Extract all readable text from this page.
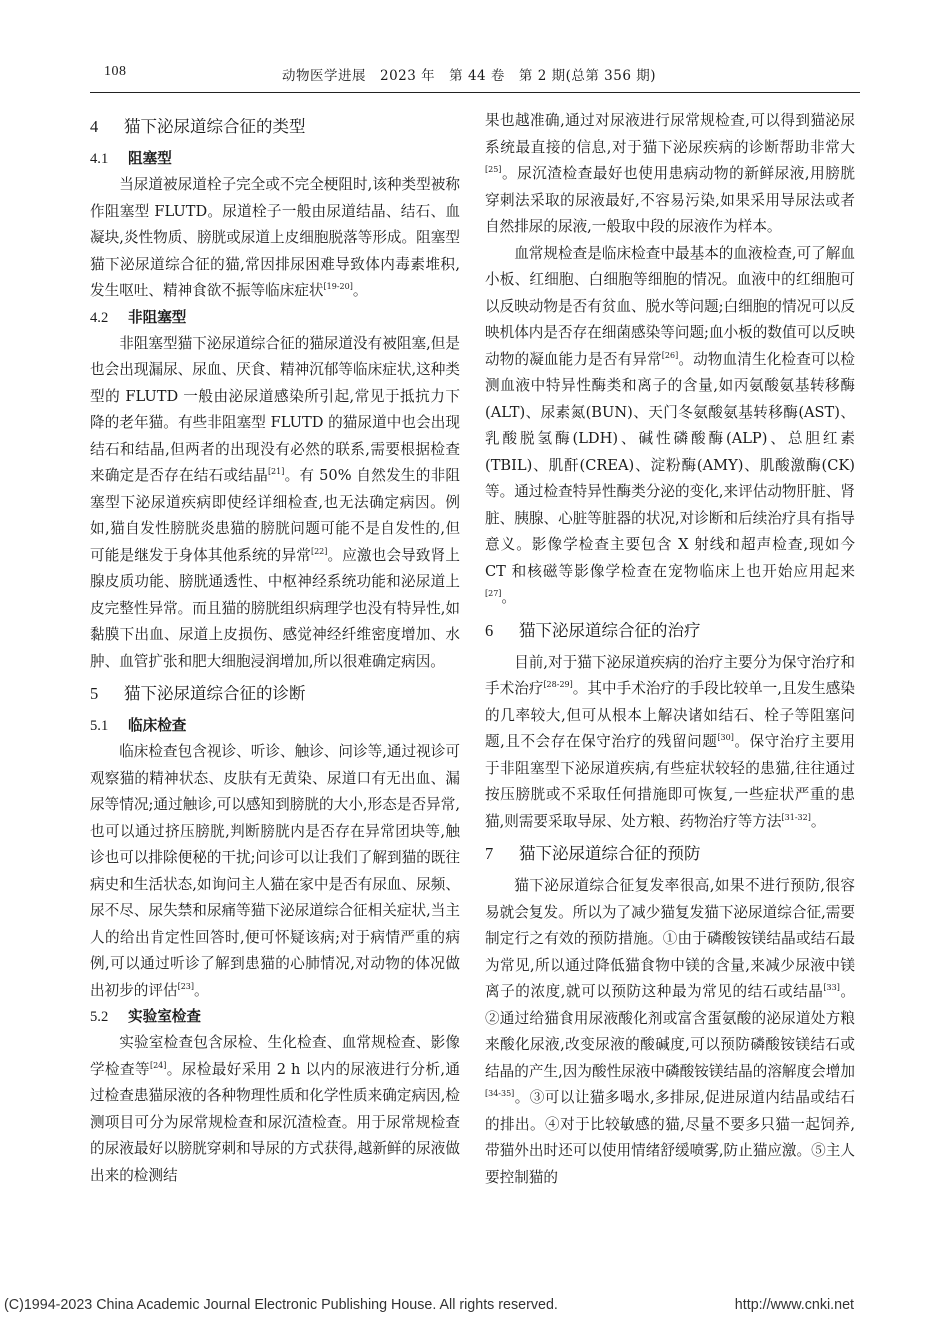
108	动物医学进展　2023 年　第 44 卷　第 2 期(总第 356 期)
4 猫下泌尿道综合征的类型
4.1 阻塞型

当尿道被尿道栓子完全或不完全梗阻时,该种类型被称作阻塞型 FLUTD。尿道栓子一般由尿道结晶、结石、血凝块,炎性物质、膀胱或尿道上皮细胞脱落等形成。阻塞型猫下泌尿道综合征的猫,常因排尿困难导致体内毒素堆积,发生呕吐、精神食欲不振等临床症状[19-20]。

4.2 非阻塞型

非阻塞型猫下泌尿道综合征的猫尿道没有被阻塞,但是也会出现漏尿、尿血、厌食、精神沉郁等临床症状,这种类型的 FLUTD 一般由泌尿道感染所引起,常见于抵抗力下降的老年猫。有些非阻塞型 FLUTD 的猫尿道中也会出现结石和结晶,但两者的出现没有必然的联系,需要根据检查来确定是否存在结石或结晶[21]。有 50% 自然发生的非阻塞型下泌尿道疾病即使经详细检查,也无法确定病因。例如,猫自发性膀胱炎患猫的膀胱问题可能不是自发性的,但可能是继发于身体其他系统的异常[22]。应激也会导致肾上腺皮质功能、膀胱通透性、中枢神经系统功能和泌尿道上皮完整性异常。而且猫的膀胱组织病理学也没有特异性,如黏膜下出血、尿道上皮损伤、感觉神经纤维密度增加、水肿、血管扩张和肥大细胞浸润增加,所以很难确定病因。

5 猫下泌尿道综合征的诊断
5.1 临床检查

临床检查包含视诊、听诊、触诊、问诊等,通过视诊可观察猫的精神状态、皮肤有无黄染、尿道口有无出血、漏尿等情况;通过触诊,可以感知到膀胱的大小,形态是否异常,也可以通过挤压膀胱,判断膀胱内是否存在异常团块等,触诊也可以排除便秘的干扰;问诊可以让我们了解到猫的既往病史和生活状态,如询问主人猫在家中是否有尿血、尿频、尿不尽、尿失禁和尿痛等猫下泌尿道综合征相关症状,当主人的给出肯定性回答时,便可怀疑该病;对于病情严重的病例,可以通过听诊了解到患猫的心肺情况,对动物的体况做出初步的评估[23]。

5.2 实验室检查

实验室检查包含尿检、生化检查、血常规检查、影像学检查等[24]。尿检最好采用 2 h 以内的尿液进行分析,通过检查患猫尿液的各种物理性质和化学性质来确定病因,检测项目可分为尿常规检查和尿沉渣检查。用于尿常规检查的尿液最好以膀胱穿刺和导尿的方式获得,越新鲜的尿液做出来的检测结

果也越准确,通过对尿液进行尿常规检查,可以得到猫泌尿系统最直接的信息,对于猫下泌尿疾病的诊断帮助非常大[25]。尿沉渣检查最好也使用患病动物的新鲜尿液,用膀胱穿刺法采取的尿液最好,不容易污染,如果采用导尿法或者自然排尿的尿液,一般取中段的尿液作为样本。

血常规检查是临床检查中最基本的血液检查,可了解血小板、红细胞、白细胞等细胞的情况。血液中的红细胞可以反映动物是否有贫血、脱水等问题;白细胞的情况可以反映机体内是否存在细菌感染等问题;血小板的数值可以反映动物的凝血能力是否有异常[26]。动物血清生化检查可以检测血液中特异性酶类和离子的含量,如丙氨酸氨基转移酶(ALT)、尿素氮(BUN)、天门冬氨酸氨基转移酶(AST)、乳酸脱氢酶(LDH)、碱性磷酸酶(ALP)、总胆红素(TBIL)、肌酐(CREA)、淀粉酶(AMY)、肌酸激酶(CK)等。通过检查特异性酶类分泌的变化,来评估动物肝脏、肾脏、胰腺、心脏等脏器的状况,对诊断和后续治疗具有指导意义。影像学检查主要包含 X 射线和超声检查,现如今 CT 和核磁等影像学检查在宠物临床上也开始应用起来[27]。

6 猫下泌尿道综合征的治疗

目前,对于猫下泌尿道疾病的治疗主要分为保守治疗和手术治疗[28-29]。其中手术治疗的手段比较单一,且发生感染的几率较大,但可从根本上解决诸如结石、栓子等阻塞问题,且不会存在保守治疗的残留问题[30]。保守治疗主要用于非阻塞型下泌尿道疾病,有些症状较轻的患猫,往往通过按压膀胱或不采取任何措施即可恢复,一些症状严重的患猫,则需要采取导尿、处方粮、药物治疗等方法[31-32]。

7 猫下泌尿道综合征的预防

猫下泌尿道综合征复发率很高,如果不进行预防,很容易就会复发。所以为了减少猫复发猫下泌尿道综合征,需要制定行之有效的预防措施。①由于磷酸铵镁结晶或结石最为常见,所以通过降低猫食物中镁的含量,来减少尿液中镁离子的浓度,就可以预防这种最为常见的结石或结晶[33]。②通过给猫食用尿液酸化剂或富含蛋氨酸的泌尿道处方粮来酸化尿液,改变尿液的酸碱度,可以预防磷酸铵镁结石或结晶的产生,因为酸性尿液中磷酸铵镁结晶的溶解度会增加[34-35]。③可以让猫多喝水,多排尿,促进尿道内结晶或结石的排出。④对于比较敏感的猫,尽量不要多只猫一起饲养,带猫外出时还可以使用情绪舒缓喷雾,防止猫应激。⑤主人要控制猫的

(C)1994-2023 China Academic Journal Electronic Publishing House. All rights reserved.	http://www.cnki.net
